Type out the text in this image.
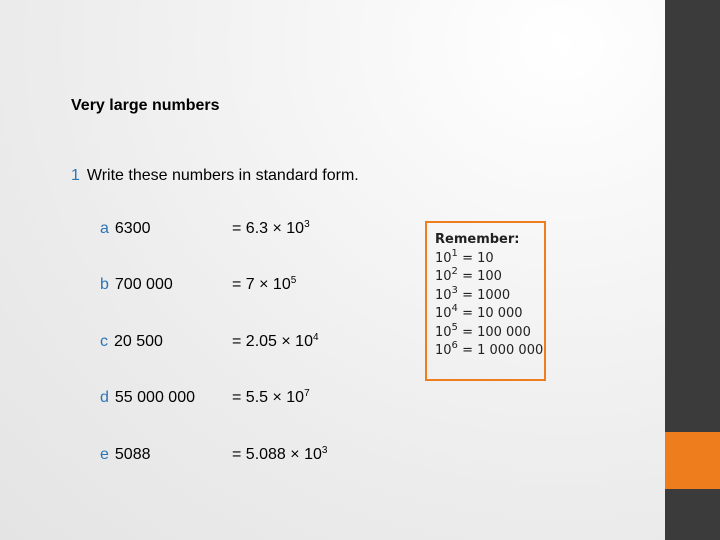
Very large numbers
1 Write these numbers in standard form.
a 6300	= $6.3 \times 10^3$
b 700 000	= $7 \times 10^5$
c 20 500	= $2.05 \times 10^4$
d 55 000 $000 = 5.5 \times 10^7$
e 5088	= $5.088 \times 10^3$
Remember:
$10^1 = 10$
$10^2 = 100$
$10^3 = 1000$
$10^4 = 10$ 000
$10^5 = 100$ 000
$10^6 = 1$ 000 000
